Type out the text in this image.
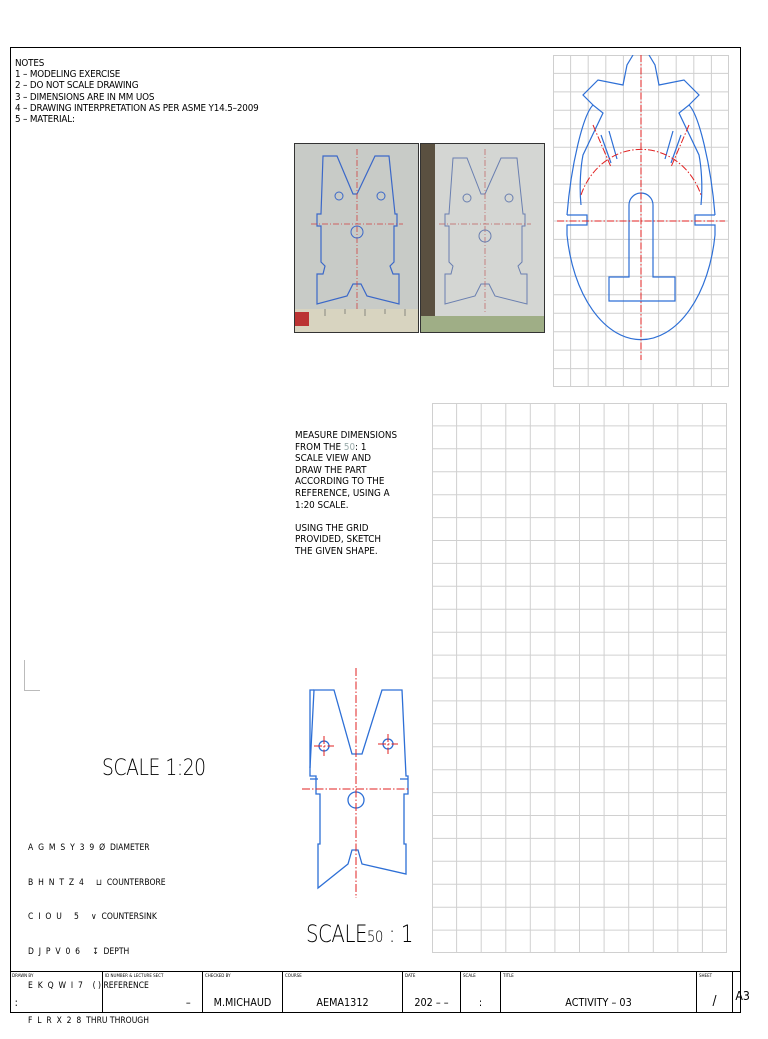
NOTES
1 – MODELING EXERCISE
2 – DO NOT SCALE DRAWING
3 – DIMENSIONS ARE IN MM UOS
4 – DRAWING INTERPRETATION AS PER ASME Y14.5–2009
5 – MATERIAL:
MEASURE DIMENSIONS
FROM THE 50: 1
SCALE VIEW AND
DRAW THE PART
ACCORDING TO THE
REFERENCE, USING A
1:20 SCALE.
USING THE GRID
PROVIDED, SKETCH
THE GIVEN SHAPE.
SCALE 1:20

A  G  M  S  Y  3  9 Ø DIAMETER

B  H  N  T  Z  4 ⊔ COUNTERBORE

C  I  O  U     5 ∨ COUNTERSINK

D  J  P  V  0  6 ↧ DEPTH

E  K  Q  W  I  7 ( ) REFERENCE

F  L  R  X  2  8 THRU THROUGH

SCALE50 : 1
DRAWN BY
:
ID NUMBER & LECTURE SECT
–
CHECKED BY
M.MICHAUD
COURSE
AEMA1312
DATE
202 – –
SCALE
:
TITLE
ACTIVITY – 03
SHEET
/	A3
